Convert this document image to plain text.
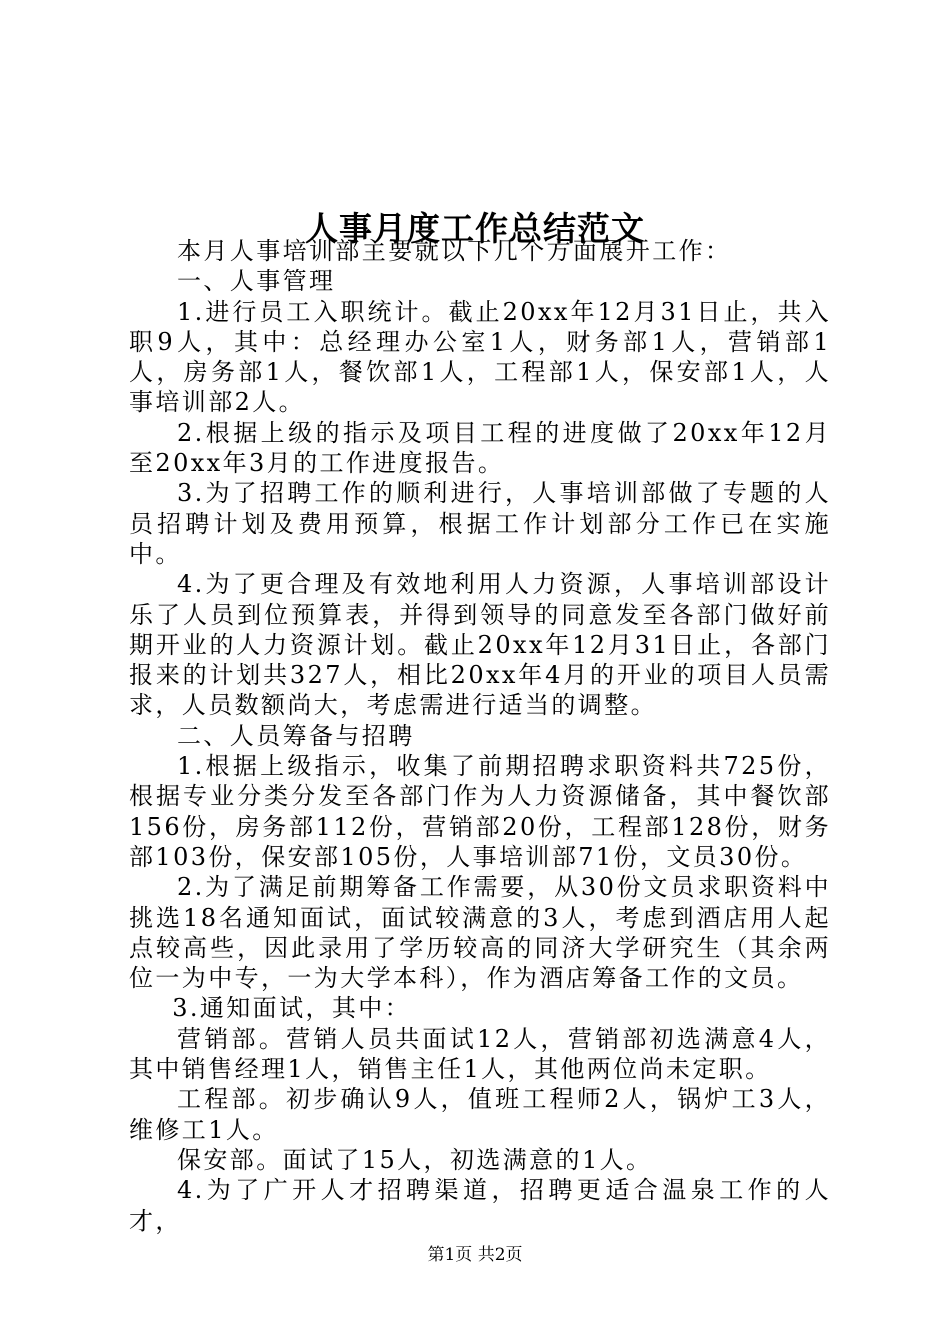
人事月度工作总结范文

本月人事培训部主要就以下几个方面展开工作：

一、人事管理

1.进行员工入职统计。截止20xx年12月31日止，共入职9人，其中：总经理办公室1人，财务部1人，营销部1人，房务部1人，餐饮部1人，工程部1人，保安部1人，人事培训部2人。

2.根据上级的指示及项目工程的进度做了20xx年12月至20xx年3月的工作进度报告。

3.为了招聘工作的顺利进行，人事培训部做了专题的人员招聘计划及费用预算，根据工作计划部分工作已在实施中。

4.为了更合理及有效地利用人力资源，人事培训部设计乐了人员到位预算表，并得到领导的同意发至各部门做好前期开业的人力资源计划。截止20xx年12月31日止，各部门报来的计划共327人，相比20xx年4月的开业的项目人员需求，人员数额尚大，考虑需进行适当的调整。

二、人员筹备与招聘

1.根据上级指示，收集了前期招聘求职资料共725份，根据专业分类分发至各部门作为人力资源储备，其中餐饮部156份，房务部112份，营销部20份，工程部128份，财务部103份，保安部105份，人事培训部71份，文员30份。

2.为了满足前期筹备工作需要，从30份文员求职资料中挑选18名通知面试，面试较满意的3人，考虑到酒店用人起点较高些，因此录用了学历较高的同济大学研究生（其余两位一为中专，一为大学本科），作为酒店筹备工作的文员。

3.通知面试，其中：

营销部。营销人员共面试12人，营销部初选满意4人，其中销售经理1人，销售主任1人，其他两位尚未定职。

工程部。初步确认9人，值班工程师2人，锅炉工3人，维修工1人。

保安部。面试了15人，初选满意的1人。

4.为了广开人才招聘渠道，招聘更适合温泉工作的人才，

第1页 共2页
